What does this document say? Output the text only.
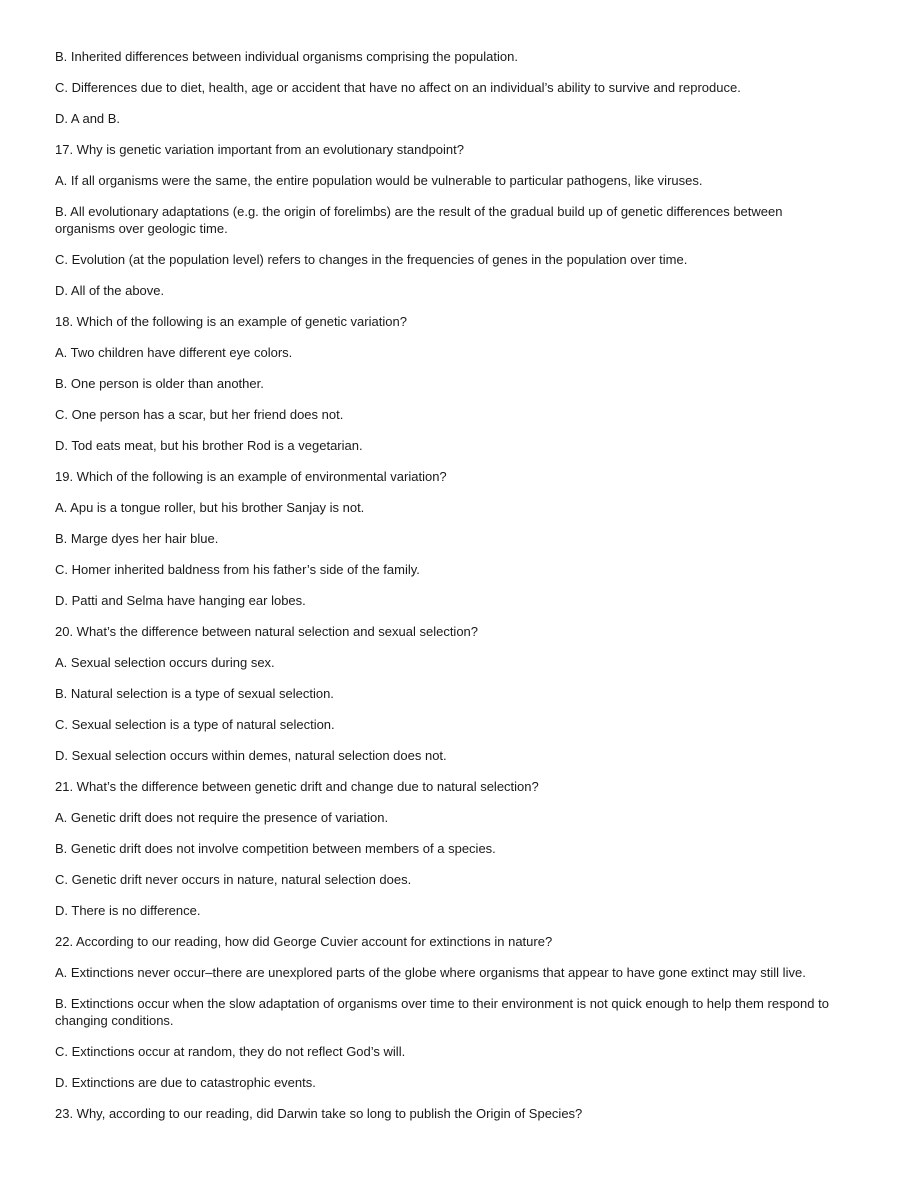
B. Inherited differences between individual organisms comprising the population.

C. Differences due to diet, health, age or accident that have no affect on an individual’s ability to survive and reproduce.

D. A and B.

17. Why is genetic variation important from an evolutionary standpoint?

A. If all organisms were the same, the entire population would be vulnerable to particular pathogens, like viruses.

B. All evolutionary adaptations (e.g. the origin of forelimbs) are the result of the gradual build up of genetic differences between organisms over geologic time.

C. Evolution (at the population level) refers to changes in the frequencies of genes in the population over time.

D. All of the above.

18. Which of the following is an example of genetic variation?

A. Two children have different eye colors.

B. One person is older than another.

C. One person has a scar, but her friend does not.

D. Tod eats meat, but his brother Rod is a vegetarian.

19. Which of the following is an example of environmental variation?

A. Apu is a tongue roller, but his brother Sanjay is not.

B. Marge dyes her hair blue.

C. Homer inherited baldness from his father’s side of the family.

D. Patti and Selma have hanging ear lobes.

20. What’s the difference between natural selection and sexual selection?

A. Sexual selection occurs during sex.

B. Natural selection is a type of sexual selection.

C. Sexual selection is a type of natural selection.

D. Sexual selection occurs within demes, natural selection does not.

21. What’s the difference between genetic drift and change due to natural selection?

A. Genetic drift does not require the presence of variation.

B. Genetic drift does not involve competition between members of a species.

C. Genetic drift never occurs in nature, natural selection does.

D. There is no difference.

22. According to our reading, how did George Cuvier account for extinctions in nature?

A. Extinctions never occur–there are unexplored parts of the globe where organisms that appear to have gone extinct may still live.

B. Extinctions occur when the slow adaptation of organisms over time to their environment is not quick enough to help them respond to changing conditions.

C. Extinctions occur at random, they do not reflect God’s will.

D. Extinctions are due to catastrophic events.

23. Why, according to our reading, did Darwin take so long to publish the Origin of Species?
